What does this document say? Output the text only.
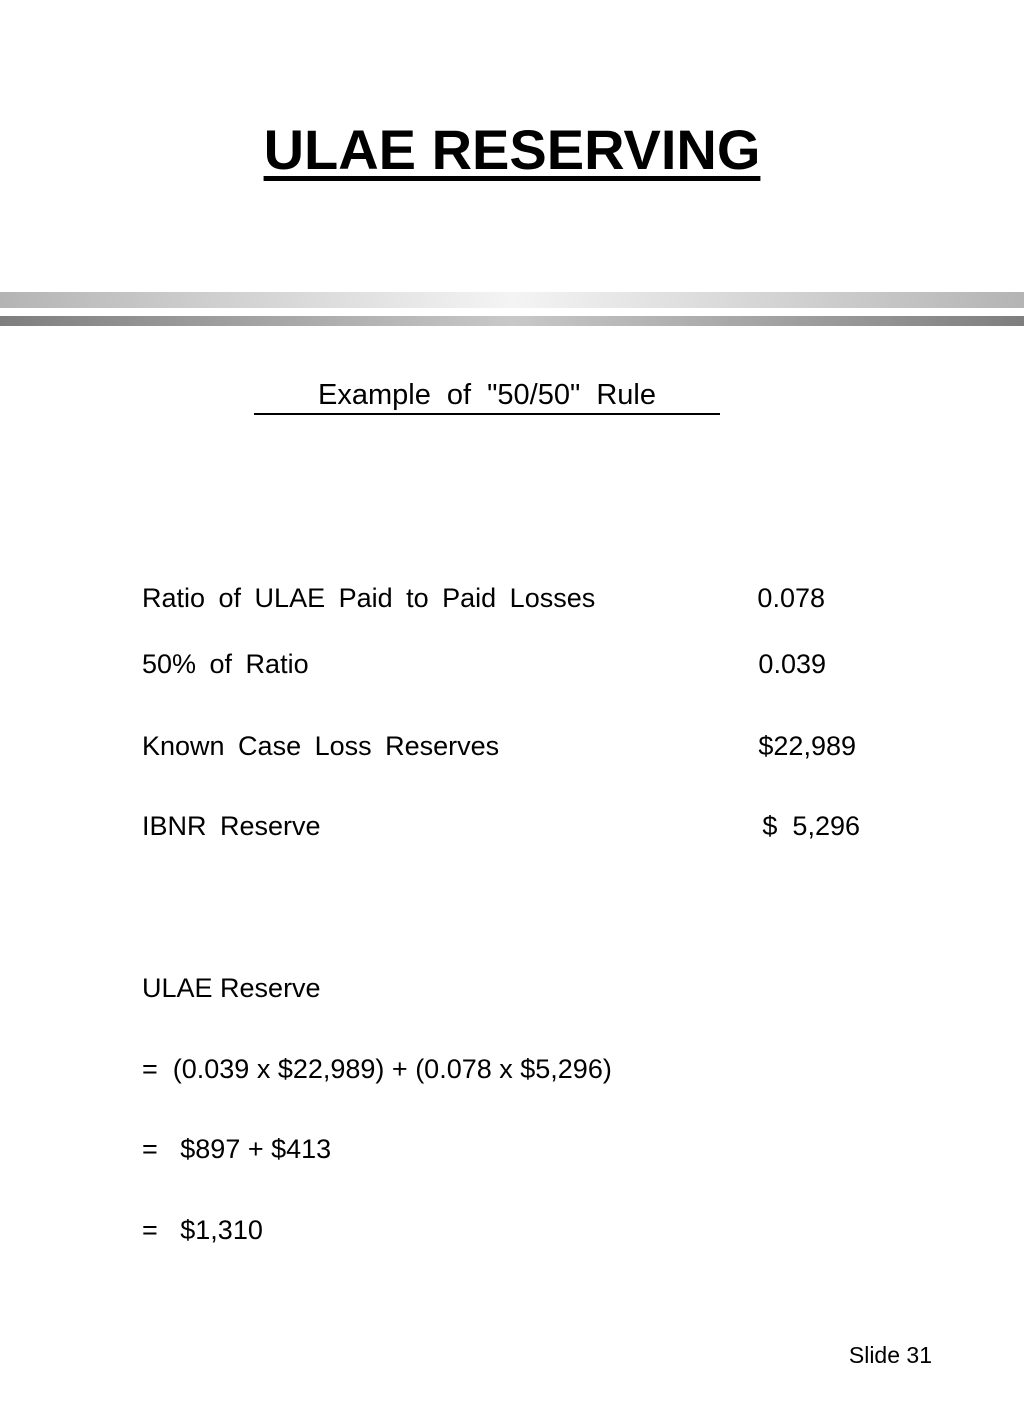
ULAE RESERVING
Example of "50/50" Rule
Ratio of ULAE Paid to Paid Losses	0.078
50% of Ratio	0.039
Known Case Loss Reserves	$22,989
IBNR Reserve	$  5,296
ULAE Reserve
=  (0.039 x $22,989) + (0.078 x $5,296)
=   $897 + $413
=   $1,310
Slide 31
